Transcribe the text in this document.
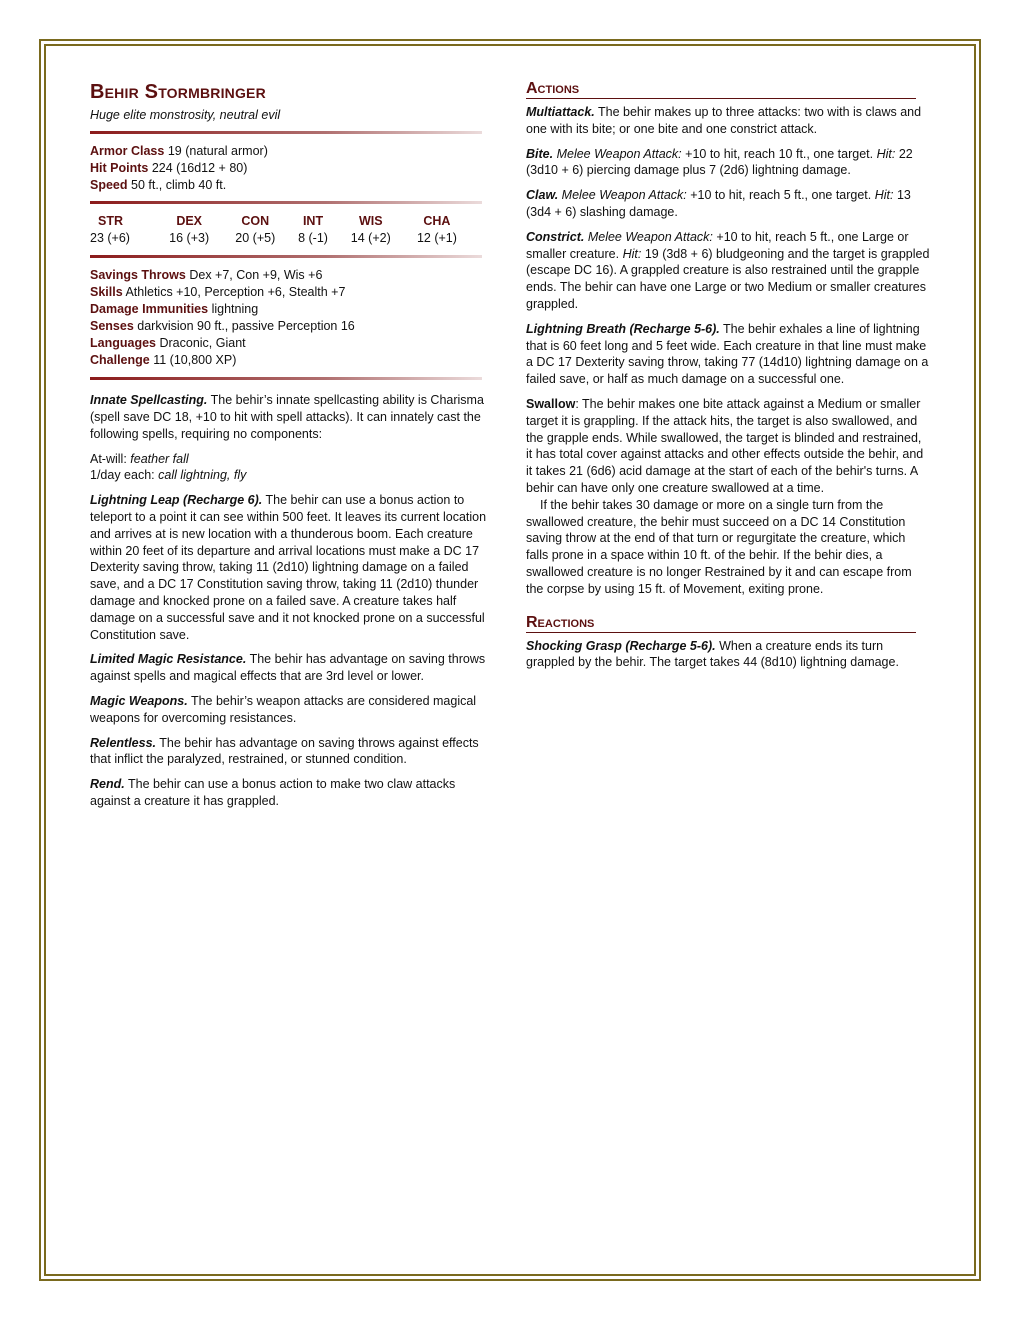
Behir Stormbringer

Huge elite monstrosity, neutral evil

Armor Class 19 (natural armor)

Hit Points 224 (16d12 + 80)

Speed 50 ft., climb 40 ft.

STR	DEX	CON	INT	WIS	CHA
23 (+6)	16 (+3)	20 (+5)	8 (-1)	14 (+2)	12 (+1)

Savings Throws Dex +7, Con +9, Wis +6

Skills Athletics +10, Perception +6, Stealth +7

Damage Immunities lightning

Senses darkvision 90 ft., passive Perception 16

Languages Draconic, Giant

Challenge 11 (10,800 XP)

Innate Spellcasting. The behir’s innate spellcasting ability is Charisma (spell save DC 18, +10 to hit with spell attacks). It can innately cast the following spells, requiring no components:

At-will: feather fall

1/day each: call lightning, fly

Lightning Leap (Recharge 6). The behir can use a bonus action to teleport to a point it can see within 500 feet. It leaves its current location and arrives at is new location with a thunderous boom. Each creature within 20 feet of its departure and arrival locations must make a DC 17 Dexterity saving throw, taking 11 (2d10) lightning damage on a failed save, and a DC 17 Constitution saving throw, taking 11 (2d10) thunder damage and knocked prone on a failed save. A creature takes half damage on a successful save and it not knocked prone on a successful Constitution save.

Limited Magic Resistance. The behir has advantage on saving throws against spells and magical effects that are 3rd level or lower.

Magic Weapons. The behir’s weapon attacks are considered magical weapons for overcoming resistances.

Relentless. The behir has advantage on saving throws against effects that inflict the paralyzed, restrained, or stunned condition.

Rend. The behir can use a bonus action to make two claw attacks against a creature it has grappled.

Actions

Multiattack. The behir makes up to three attacks: two with is claws and one with its bite; or one bite and one constrict attack.

Bite. Melee Weapon Attack: +10 to hit, reach 10 ft., one target. Hit: 22 (3d10 + 6) piercing damage plus 7 (2d6) lightning damage.

Claw. Melee Weapon Attack: +10 to hit, reach 5 ft., one target. Hit: 13 (3d4 + 6) slashing damage.

Constrict. Melee Weapon Attack: +10 to hit, reach 5 ft., one Large or smaller creature. Hit: 19 (3d8 + 6) bludgeoning and the target is grappled (escape DC 16). A grappled creature is also restrained until the grapple ends. The behir can have one Large or two Medium or smaller creatures grappled.

Lightning Breath (Recharge 5-6). The behir exhales a line of lightning that is 60 feet long and 5 feet wide. Each creature in that line must make a DC 17 Dexterity saving throw, taking 77 (14d10) lightning damage on a failed save, or half as much damage on a successful one.

Swallow: The behir makes one bite attack against a Medium or smaller target it is grappling. If the attack hits, the target is also swallowed, and the grapple ends. While swallowed, the target is blinded and restrained, it has total cover against attacks and other effects outside the behir, and it takes 21 (6d6) acid damage at the start of each of the behir's turns. A behir can have only one creature swallowed at a time.

If the behir takes 30 damage or more on a single turn from the swallowed creature, the behir must succeed on a DC 14 Constitution saving throw at the end of that turn or regurgitate the creature, which falls prone in a space within 10 ft. of the behir. If the behir dies, a swallowed creature is no longer Restrained by it and can escape from the corpse by using 15 ft. of Movement, exiting prone.

Reactions

Shocking Grasp (Recharge 5-6). When a creature ends its turn grappled by the behir. The target takes 44 (8d10) lightning damage.
